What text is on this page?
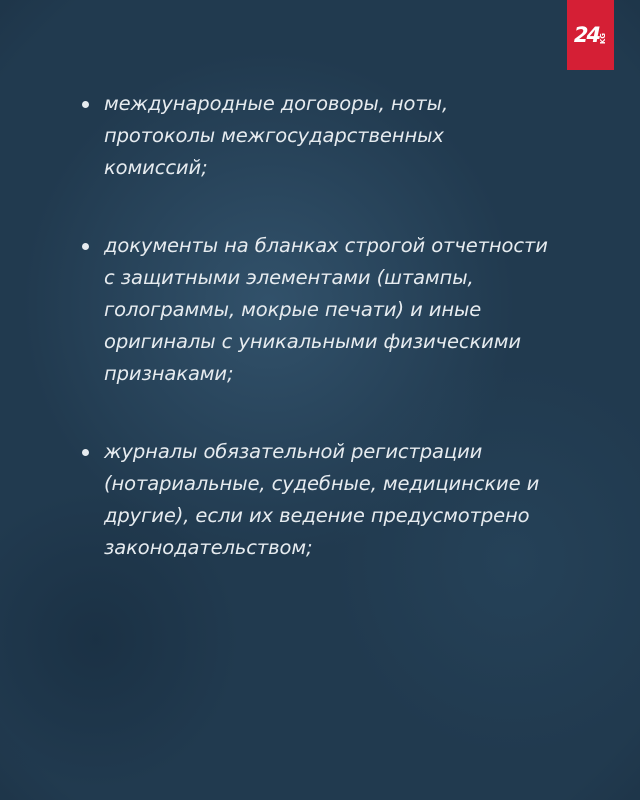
24 KG
международные договоры, ноты, протоколы межгосударственных комиссий;
документы на бланках строгой отчетности с защитными элементами (штампы, голограммы, мокрые печати) и иные оригиналы с уникальными физическими признаками;
журналы обязательной регистрации (нотариальные, судебные, медицинские и другие), если их ведение предусмотрено законодательством;
